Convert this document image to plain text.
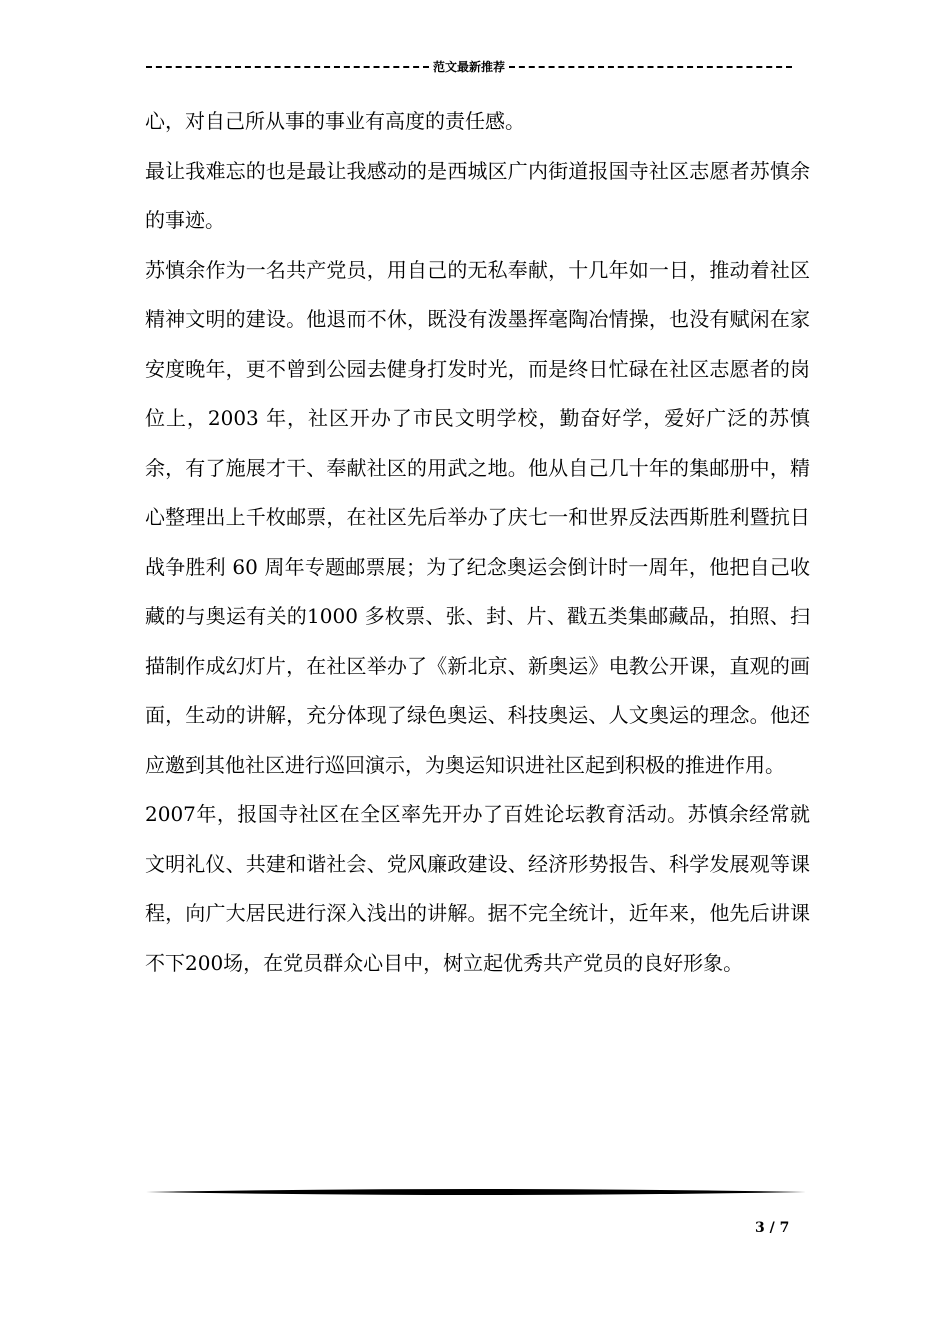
范文最新推荐

心，对自己所从事的事业有高度的责任感。

最让我难忘的也是最让我感动的是西城区广内街道报国寺社区志愿者苏慎余的事迹。

苏慎余作为一名共产党员，用自己的无私奉献，十几年如一日，推动着社区精神文明的建设。他退而不休，既没有泼墨挥毫陶冶情操，也没有赋闲在家安度晚年，更不曾到公园去健身打发时光，而是终日忙碌在社区志愿者的岗位上，2003 年，社区开办了市民文明学校，勤奋好学，爱好广泛的苏慎余，有了施展才干、奉献社区的用武之地。他从自己几十年的集邮册中，精心整理出上千枚邮票，在社区先后举办了庆七一和世界反法西斯胜利暨抗日战争胜利 60 周年专题邮票展；为了纪念奥运会倒计时一周年，他把自己收藏的与奥运有关的1000 多枚票、张、封、片、戳五类集邮藏品，拍照、扫描制作成幻灯片，在社区举办了《新北京、新奥运》电教公开课，直观的画面，生动的讲解，充分体现了绿色奥运、科技奥运、人文奥运的理念。他还应邀到其他社区进行巡回演示，为奥运知识进社区起到积极的推进作用。

2007年，报国寺社区在全区率先开办了百姓论坛教育活动。苏慎余经常就文明礼仪、共建和谐社会、党风廉政建设、经济形势报告、科学发展观等课程，向广大居民进行深入浅出的讲解。据不完全统计，近年来，他先后讲课不下200场，在党员群众心目中，树立起优秀共产党员的良好形象。

3 / 7
